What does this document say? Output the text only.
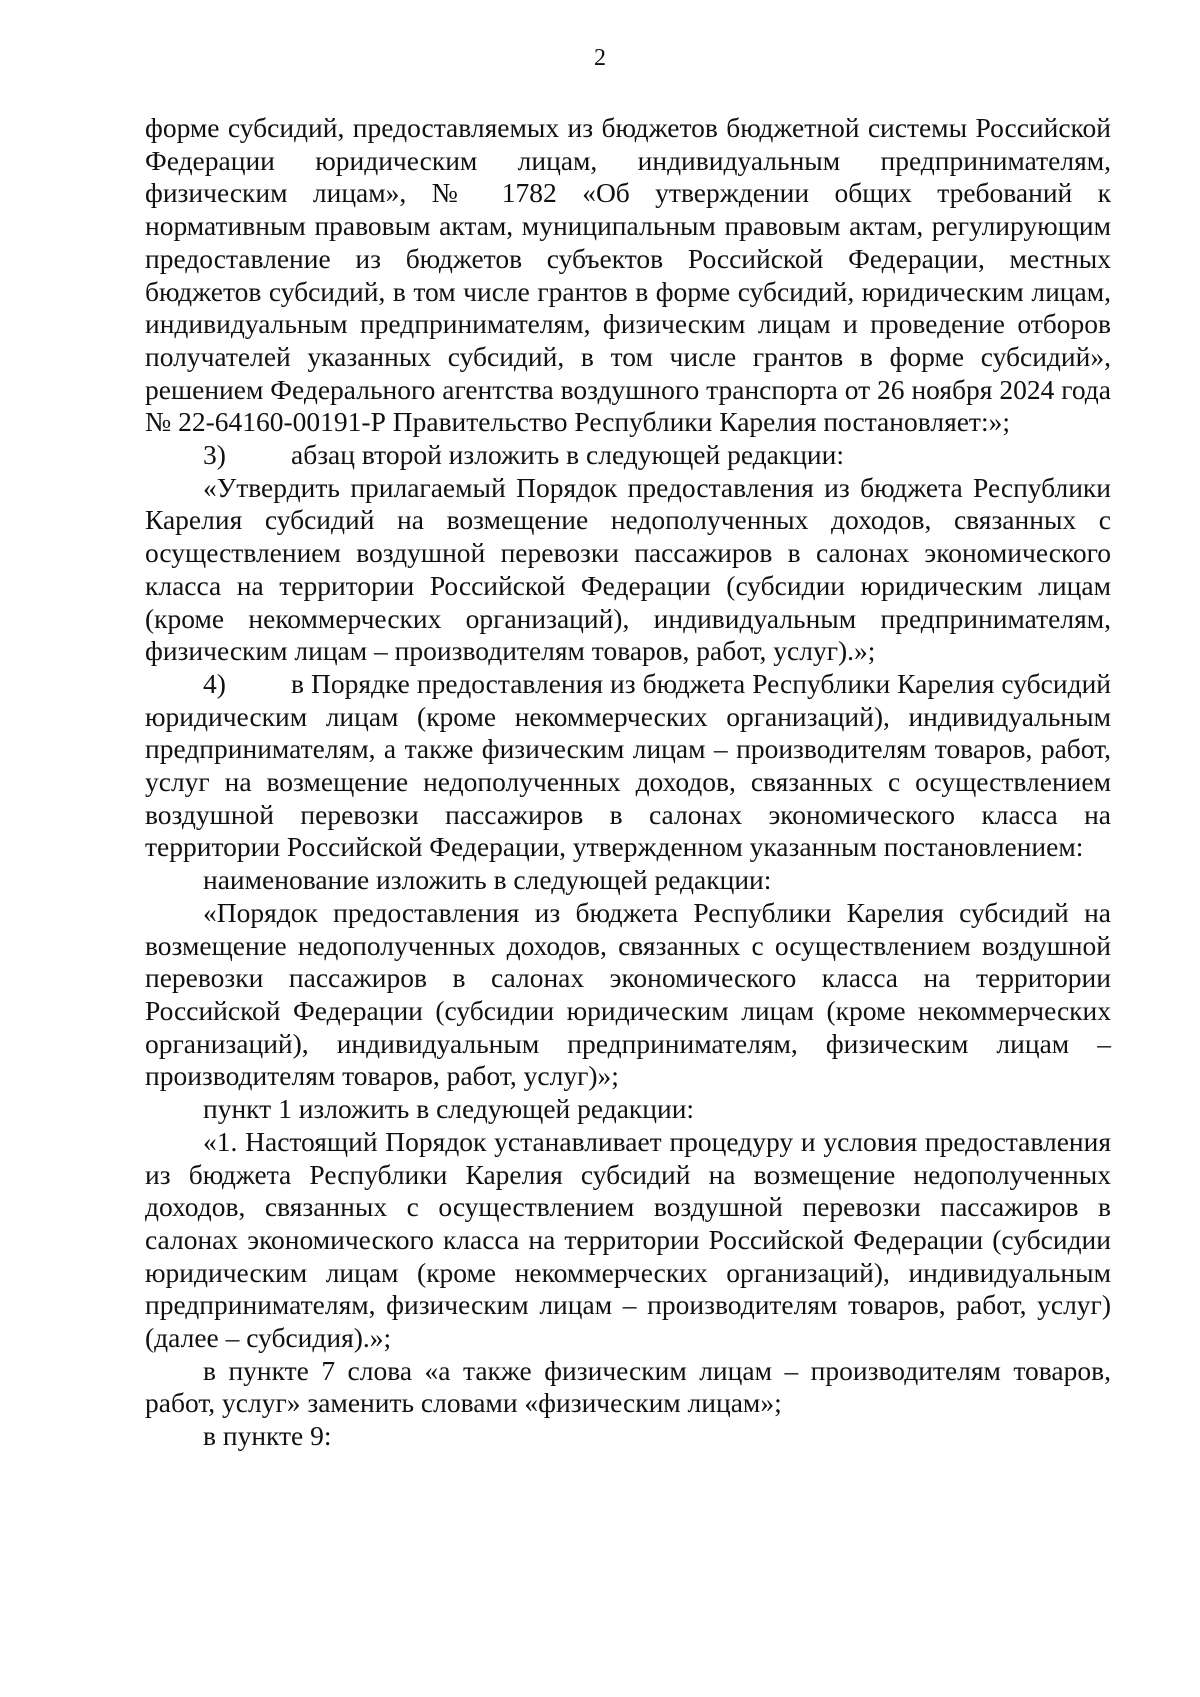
2

форме субсидий, предоставляемых из бюджетов бюджетной системы Российской Федерации юридическим лицам, индивидуальным предпринимателям, физическим лицам», № 1782 «Об утверждении общих требований к нормативным правовым актам, муниципальным правовым актам, регулирующим предоставление из бюджетов субъектов Российской Федерации, местных бюджетов субсидий, в том числе грантов в форме субсидий, юридическим лицам, индивидуальным предпринимателям, физическим лицам и проведение отборов получателей указанных субсидий, в том числе грантов в форме субсидий», решением Федерального агентства воздушного транспорта от 26 ноября 2024 года № 22-64160-00191-Р Правительство Республики Карелия постановляет:»;

3) абзац второй изложить в следующей редакции:

«Утвердить прилагаемый Порядок предоставления из бюджета Республики Карелия субсидий на возмещение недополученных доходов, связанных с осуществлением воздушной перевозки пассажиров в салонах экономического класса на территории Российской Федерации (субсидии юридическим лицам (кроме некоммерческих организаций), индивидуальным предпринимателям, физическим лицам – производителям товаров, работ, услуг).»;

4) в Порядке предоставления из бюджета Республики Карелия субсидий юридическим лицам (кроме некоммерческих организаций), индивидуальным предпринимателям, а также физическим лицам – производителям товаров, работ, услуг на возмещение недополученных доходов, связанных с осуществлением воздушной перевозки пассажиров в салонах экономического класса на территории Российской Федерации, утвержденном указанным постановлением:

наименование изложить в следующей редакции:

«Порядок предоставления из бюджета Республики Карелия субсидий на возмещение недополученных доходов, связанных с осуществлением воздушной перевозки пассажиров в салонах экономического класса на территории Российской Федерации (субсидии юридическим лицам (кроме некоммерческих организаций), индивидуальным предпринимателям, физическим лицам – производителям товаров, работ, услуг)»;

пункт 1 изложить в следующей редакции:

«1. Настоящий Порядок устанавливает процедуру и условия предоставления из бюджета Республики Карелия субсидий на возмещение недополученных доходов, связанных с осуществлением воздушной перевозки пассажиров в салонах экономического класса на территории Российской Федерации (субсидии юридическим лицам (кроме некоммерческих организаций), индивидуальным предпринимателям, физическим лицам – производителям товаров, работ, услуг) (далее – субсидия).»;

в пункте 7 слова «а также физическим лицам – производителям товаров, работ, услуг» заменить словами «физическим лицам»;

в пункте 9:
